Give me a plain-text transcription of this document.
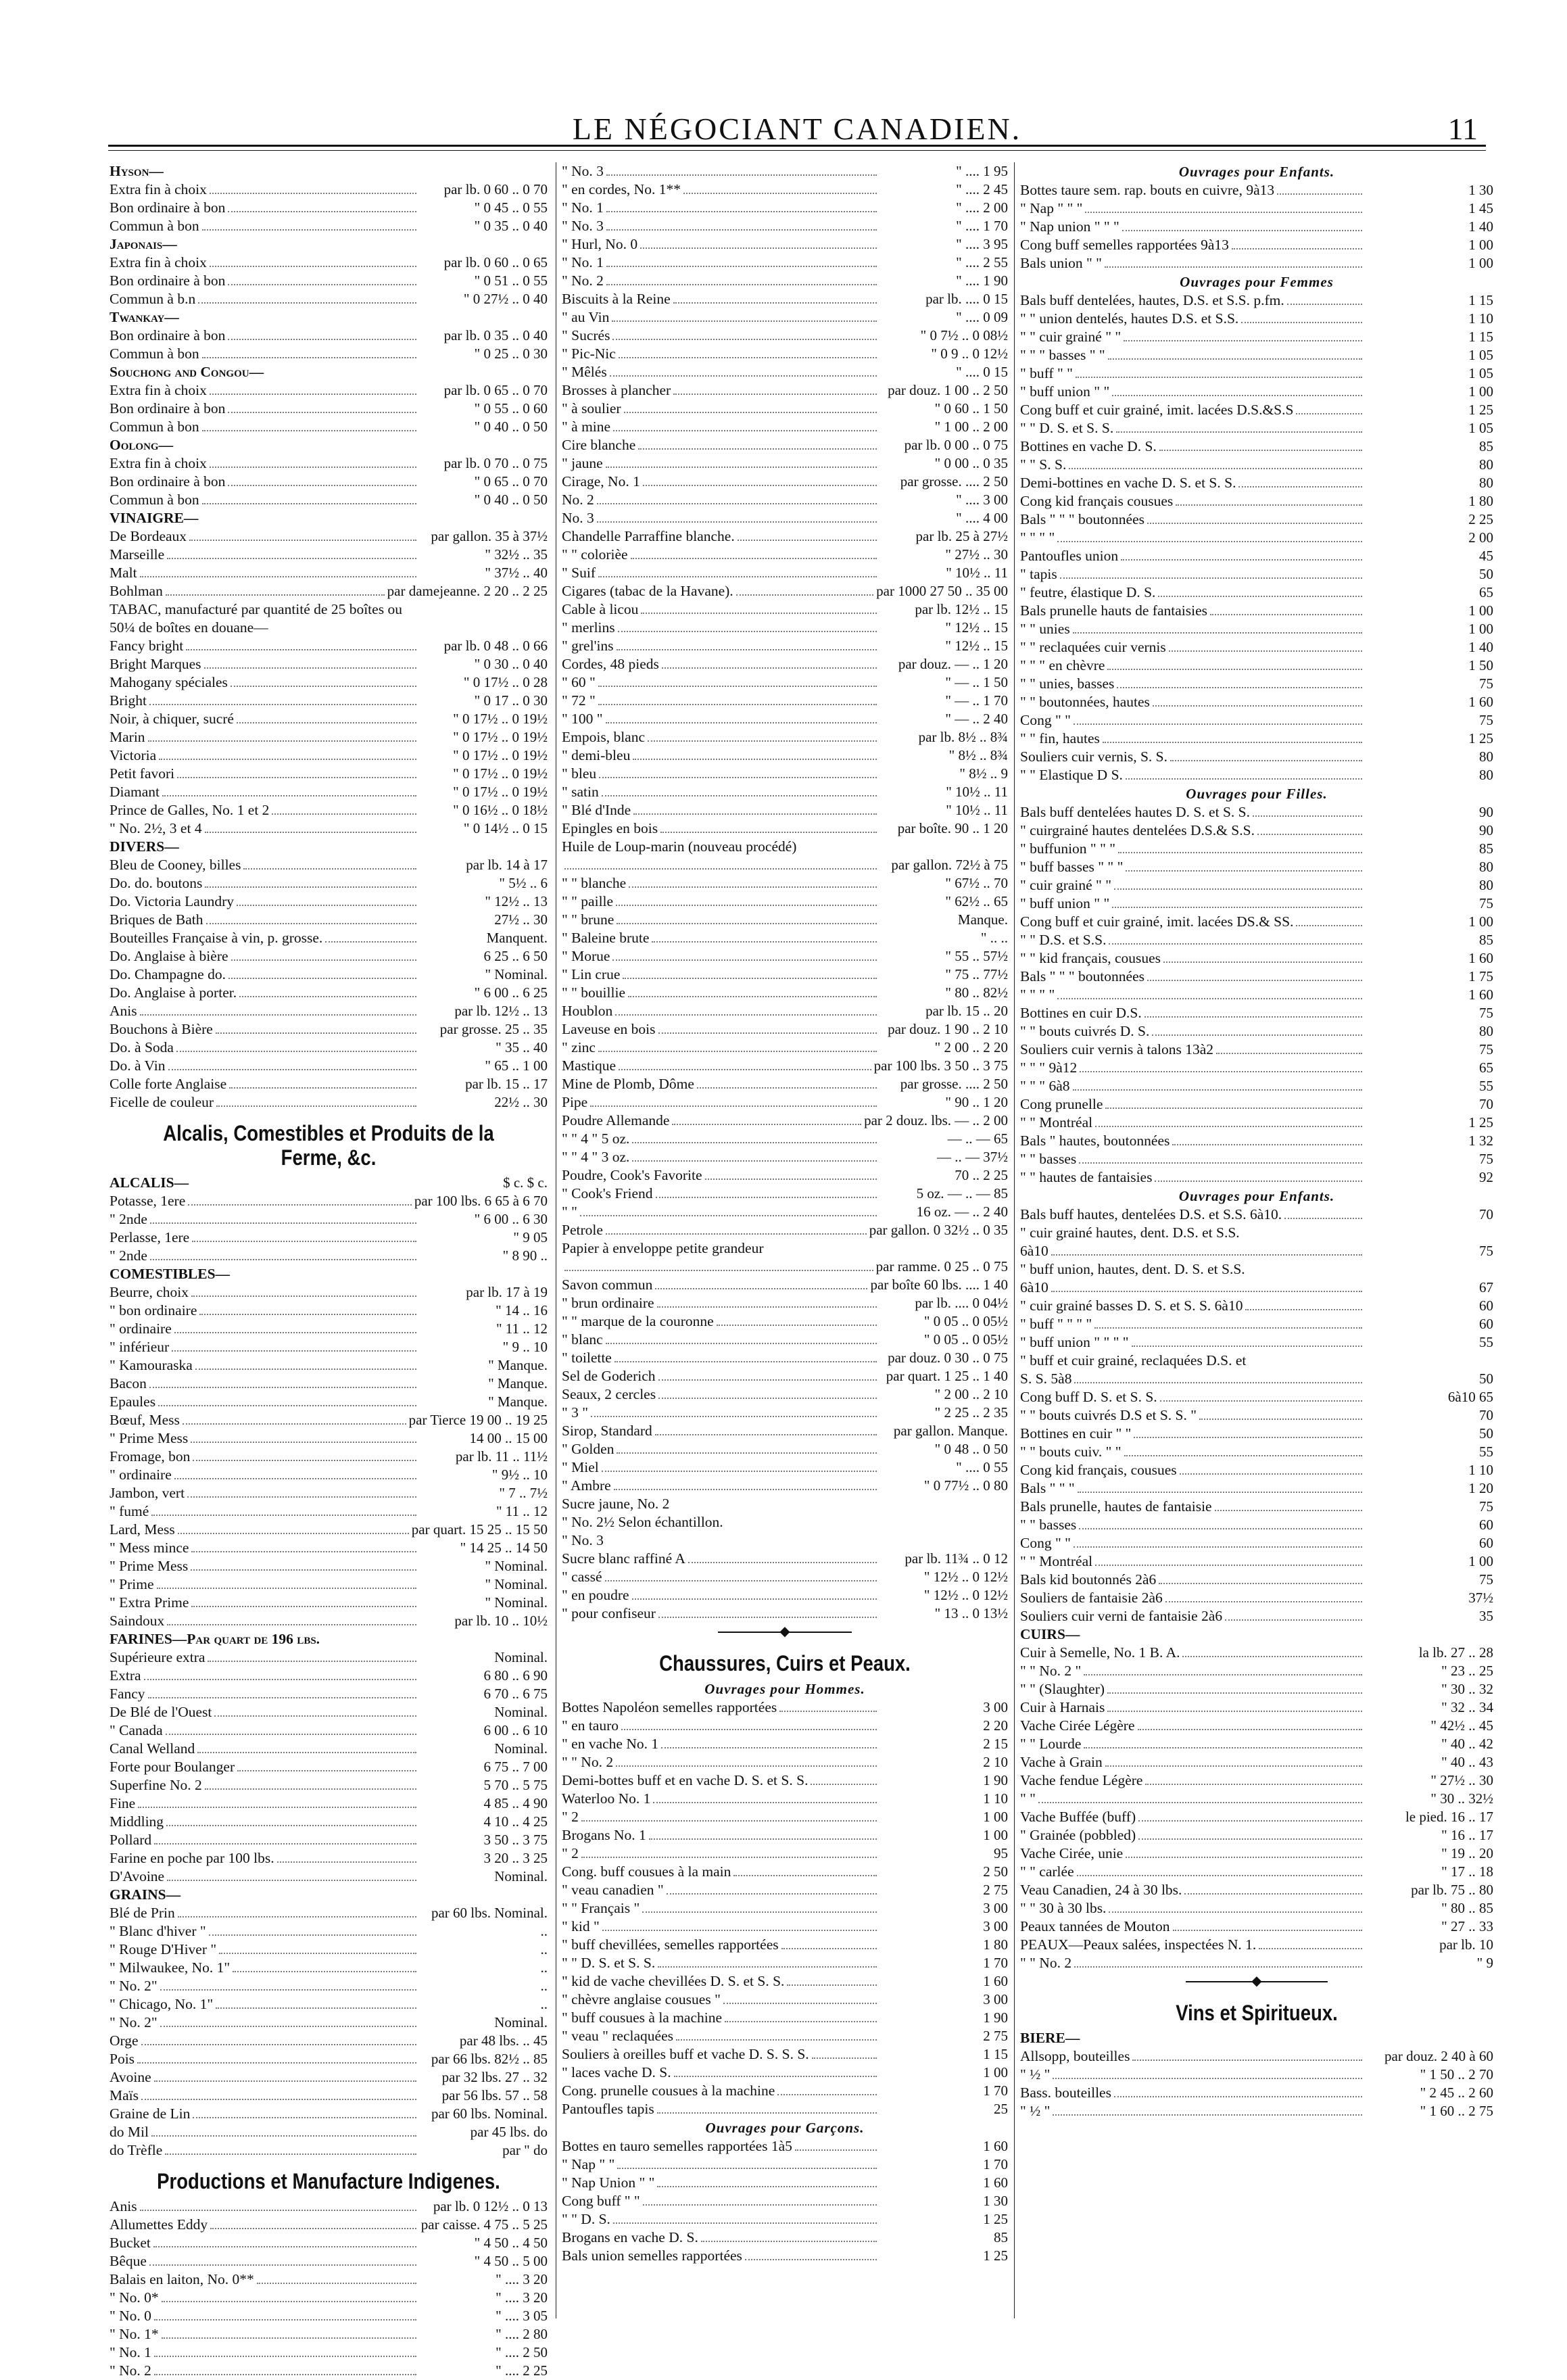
LE NÉGOCIANT CANADIEN.	11
Hyson—
Extra fin à choix	par lb. 0 60 .. 0 70
Bon ordinaire à bon	" 0 45 .. 0 55
Commun à bon	" 0 35 .. 0 40
Japonais—
Extra fin à choix	par lb. 0 60 .. 0 65
Bon ordinaire à bon	" 0 51 .. 0 55
Commun à b.n	" 0 27½ .. 0 40
Twankay—
Bon ordinaire à bon	par lb. 0 35 .. 0 40
Commun à bon	" 0 25 .. 0 30
Souchong and Congou—
Extra fin à choix	par lb. 0 65 .. 0 70
Bon ordinaire à bon	" 0 55 .. 0 60
Commun à bon	" 0 40 .. 0 50
Oolong—
Extra fin à choix	par lb. 0 70 .. 0 75
Bon ordinaire à bon	" 0 65 .. 0 70
Commun à bon	" 0 40 .. 0 50
VINAIGRE—
De Bordeaux	par gallon. 35 à 37½
Marseille	" 32½ .. 35
Malt	" 37½ .. 40
Bohlman	par damejeanne. 2 20 .. 2 25
TABAC, manufacturé par quantité de 25 boîtes ou
50¼ de boîtes en douane—
Fancy bright	par lb. 0 48 .. 0 66
Bright Marques	" 0 30 .. 0 40
Mahogany spéciales	" 0 17½ .. 0 28
Bright	" 0 17 .. 0 30
Noir, à chiquer, sucré	" 0 17½ .. 0 19½
Marin	" 0 17½ .. 0 19½
Victoria	" 0 17½ .. 0 19½
Petit favori	" 0 17½ .. 0 19½
Diamant	" 0 17½ .. 0 19½
Prince de Galles, No. 1 et 2	" 0 16½ .. 0 18½
" No. 2½, 3 et 4	" 0 14½ .. 0 15
DIVERS—
Bleu de Cooney, billes	par lb. 14 à 17
Do. do. boutons	" 5½ .. 6
Do. Victoria Laundry	" 12½ .. 13
Briques de Bath	27½ .. 30
Bouteilles Française à vin, p. grosse.	Manquent.
Do. Anglaise à bière	6 25 .. 6 50
Do. Champagne do.	" Nominal.
Do. Anglaise à porter.	" 6 00 .. 6 25
Anis	par lb. 12½ .. 13
Bouchons à Bière	par grosse. 25 .. 35
Do. à Soda	" 35 .. 40
Do. à Vin	" 65 .. 1 00
Colle forte Anglaise	par lb. 15 .. 17
Ficelle de couleur	22½ .. 30
Alcalis, Comestibles et Produits de la Ferme, &c.
ALCALIS—	$ c. $ c.
Potasse, 1ere	par 100 lbs. 6 65 à 6 70
" 2nde	" 6 00 .. 6 30
Perlasse, 1ere	" 9 05
" 2nde	" 8 90 ..
COMESTIBLES—
Beurre, choix	par lb. 17 à 19
" bon ordinaire	" 14 .. 16
" ordinaire	" 11 .. 12
" inférieur	" 9 .. 10
" Kamouraska	" Manque.
Bacon	" Manque.
Epaules	" Manque.
Bœuf, Mess	par Tierce 19 00 .. 19 25
" Prime Mess	14 00 .. 15 00
Fromage, bon	par lb. 11 .. 11½
" ordinaire	" 9½ .. 10
Jambon, vert	" 7 .. 7½
" fumé	" 11 .. 12
Lard, Mess	par quart. 15 25 .. 15 50
" Mess mince	" 14 25 .. 14 50
" Prime Mess	" Nominal.
" Prime	" Nominal.
" Extra Prime	" Nominal.
Saindoux	par lb. 10 .. 10½
FARINES—Par quart de 196 lbs.
Supérieure extra	Nominal.
Extra	6 80 .. 6 90
Fancy	6 70 .. 6 75
De Blé de l'Ouest	Nominal.
" Canada	6 00 .. 6 10
Canal Welland	Nominal.
Forte pour Boulanger	6 75 .. 7 00
Superfine No. 2	5 70 .. 5 75
Fine	4 85 .. 4 90
Middling	4 10 .. 4 25
Pollard	3 50 .. 3 75
Farine en poche par 100 lbs.	3 20 .. 3 25
D'Avoine	Nominal.
GRAINS—
Blé de Prin	par 60 lbs. Nominal.
" Blanc d'hiver "	..
" Rouge D'Hiver "	..
" Milwaukee, No. 1"	..
" No. 2"	..
" Chicago, No. 1"	..
" No. 2"	Nominal.
Orge	par 48 lbs. .. 45
Pois	par 66 lbs. 82½ .. 85
Avoine	par 32 lbs. 27 .. 32
Maïs	par 56 lbs. 57 .. 58
Graine de Lin	par 60 lbs. Nominal.
do Mil	par 45 lbs. do
do Trèfle	par " do
Productions et Manufacture Indigenes.
Anis	par lb. 0 12½ .. 0 13
Allumettes Eddy	par caisse. 4 75 .. 5 25
Bucket	" 4 50 .. 4 50
Bêque	" 4 50 .. 5 00
Balais en laiton, No. 0**	" .... 3 20
" No. 0*	" .... 3 20
" No. 0	" .... 3 05
" No. 1*	" .... 2 80
" No. 1	" .... 2 50
" No. 2	" .... 2 25
" No. 3	" .... 1 95
" en cordes, No. 1**	" .... 2 45
" No. 1	" .... 2 00
" No. 3	" .... 1 70
" Hurl, No. 0	" .... 3 95
" No. 1	" .... 2 55
" No. 2	" .... 1 90
Biscuits à la Reine	par lb. .... 0 15
" au Vin	" .... 0 09
" Sucrés	" 0 7½ .. 0 08½
" Pic-Nic	" 0 9 .. 0 12½
" Mêlés	" .... 0 15
Brosses à plancher	par douz. 1 00 .. 2 50
" à soulier	" 0 60 .. 1 50
" à mine	" 1 00 .. 2 00
Cire blanche	par lb. 0 00 .. 0 75
" jaune	" 0 00 .. 0 35
Cirage, No. 1	par grosse. .... 2 50
No. 2	" .... 3 00
No. 3	" .... 4 00
Chandelle Parraffine blanche.	par lb. 25 à 27½
" " colorièe	" 27½ .. 30
" Suif	" 10½ .. 11
Cigares (tabac de la Havane).	par 1000 27 50 .. 35 00
Cable à licou	par lb. 12½ .. 15
" merlins	" 12½ .. 15
" grel'ins	" 12½ .. 15
Cordes, 48 pieds	par douz. — .. 1 20
" 60 "	" — .. 1 50
" 72 "	" — .. 1 70
" 100 "	" — .. 2 40
Empois, blanc	par lb. 8½ .. 8¾
" demi-bleu	" 8½ .. 8¾
" bleu	" 8½ .. 9
" satin	" 10½ .. 11
" Blé d'Inde	" 10½ .. 11
Epingles en bois	par boîte. 90 .. 1 20
Huile de Loup-marin (nouveau procédé)
par gallon. 72½ à 75
" " blanche	" 67½ .. 70
" " paille	" 62½ .. 65
" " brune	Manque.
" Baleine brute	" .. ..
" Morue	" 55 .. 57½
" Lin crue	" 75 .. 77½
" " bouillie	" 80 .. 82½
Houblon	par lb. 15 .. 20
Laveuse en bois	par douz. 1 90 .. 2 10
" zinc	" 2 00 .. 2 20
Mastique	par 100 lbs. 3 50 .. 3 75
Mine de Plomb, Dôme	par grosse. .... 2 50
Pipe	" 90 .. 1 20
Poudre Allemande	par 2 douz. lbs. — .. 2 00
" " 4 " 5 oz.	— .. — 65
" " 4 " 3 oz.	— .. — 37½
Poudre, Cook's Favorite	70 .. 2 25
" Cook's Friend	5 oz. — .. — 85
" "	16 oz. — .. 2 40
Petrole	par gallon. 0 32½ .. 0 35
Papier à enveloppe petite grandeur
par ramme. 0 25 .. 0 75
Savon commun	par boîte 60 lbs. .... 1 40
" brun ordinaire	par lb. .... 0 04½
" " marque de la couronne	" 0 05 .. 0 05½
" blanc	" 0 05 .. 0 05½
" toilette	par douz. 0 30 .. 0 75
Sel de Goderich	par quart. 1 25 .. 1 40
Seaux, 2 cercles	" 2 00 .. 2 10
" 3 "	" 2 25 .. 2 35
Sirop, Standard	par gallon. Manque.
" Golden	" 0 48 .. 0 50
" Miel	" .... 0 55
" Ambre	" 0 77½ .. 0 80
Sucre jaune, No. 2
" No. 2½ Selon échantillon.
" No. 3
Sucre blanc raffiné A	par lb. 11¾ .. 0 12
" cassé	" 12½ .. 0 12½
" en poudre	" 12½ .. 0 12½
" pour confiseur	" 13 .. 0 13½
◆
Chaussures, Cuirs et Peaux.
Ouvrages pour Hommes.
Bottes Napoléon semelles rapportées	3 00
" en tauro	2 20
" en vache No. 1	2 15
" " No. 2	2 10
Demi-bottes buff et en vache D. S. et S. S.	1 90
Waterloo No. 1	1 10
" 2	1 00
Brogans No. 1	1 00
" 2	95
Cong. buff cousues à la main	2 50
" veau canadien "	2 75
" " Français "	3 00
" kid "	3 00
" buff chevillées, semelles rapportées	1 80
" " D. S. et S. S.	1 70
" kid de vache chevillées D. S. et S. S.	1 60
" chèvre anglaise cousues "	3 00
" buff cousues à la machine	1 90
" veau " reclaquées	2 75
Souliers à oreilles buff et vache D. S. S. S.	1 15
" laces vache D. S.	1 00
Cong. prunelle cousues à la machine	1 70
Pantoufles tapis	25
Ouvrages pour Garçons.
Bottes en tauro semelles rapportées 1à5	1 60
" Nap " "	1 70
" Nap Union " "	1 60
Cong buff " "	1 30
" " D. S.	1 25
Brogans en vache D. S.	85
Bals union semelles rapportées	1 25
Ouvrages pour Enfants.
Bottes taure sem. rap. bouts en cuivre, 9à13	1 30
" Nap " " "	1 45
" Nap union " " "	1 40
Cong buff semelles rapportées 9à13	1 00
Bals union " "	1 00
Ouvrages pour Femmes
Bals buff dentelées, hautes, D.S. et S.S. p.fm.	1 15
" " union dentelés, hautes D.S. et S.S.	1 10
" " cuir grainé " "	1 15
" " " basses " "	1 05
" buff " "	1 05
" buff union " "	1 00
Cong buff et cuir grainé, imit. lacées D.S.&S.S	1 25
" " D. S. et S. S.	1 05
Bottines en vache D. S.	85
" " S. S.	80
Demi-bottines en vache D. S. et S. S.	80
Cong kid français cousues	1 80
Bals " " " boutonnées	2 25
" " " "	2 00
Pantoufles union	45
" tapis	50
" feutre, élastique D. S.	65
Bals prunelle hauts de fantaisies	1 00
" " unies	1 00
" " reclaquées cuir vernis	1 40
" " " en chèvre	1 50
" " unies, basses	75
" " boutonnées, hautes	1 60
Cong " "	75
" " fin, hautes	1 25
Souliers cuir vernis, S. S.	80
" " Elastique D S.	80
Ouvrages pour Filles.
Bals buff dentelées hautes D. S. et S. S.	90
" cuirgrainé hautes dentelées D.S.& S.S.	90
" buffunion " " "	85
" buff basses " " "	80
" cuir grainé " "	80
" buff union " "	75
Cong buff et cuir grainé, imit. lacées DS.& SS.	1 00
" " D.S. et S.S.	85
" " kid français, cousues	1 60
Bals " " " boutonnées	1 75
" " " "	1 60
Bottines en cuir D.S.	75
" " bouts cuivrés D. S.	80
Souliers cuir vernis à talons 13à2	75
" " " 9à12	65
" " " 6à8	55
Cong prunelle	70
" " Montréal	1 25
Bals " hautes, boutonnées	1 32
" " basses	75
" " hautes de fantaisies	92
Ouvrages pour Enfants.
Bals buff hautes, dentelées D.S. et S.S. 6à10.	70
" cuir grainé hautes, dent. D.S. et S.S.
6à10	75
" buff union, hautes, dent. D. S. et S.S.
6à10	67
" cuir grainé basses D. S. et S. S. 6à10	60
" buff " " " "	60
" buff union " " " "	55
" buff et cuir grainé, reclaquées D.S. et
S. S. 5à8	50
Cong buff D. S. et S. S.	6à10 65
" " bouts cuivrés D.S et S. S. "	70
Bottines en cuir " "	50
" " bouts cuiv. " "	55
Cong kid français, cousues	1 10
Bals " " "	1 20
Bals prunelle, hautes de fantaisie	75
" " basses	60
Cong " "	60
" " Montréal	1 00
Bals kid boutonnés 2à6	75
Souliers de fantaisie 2à6	37½
Souliers cuir verni de fantaisie 2à6	35
CUIRS—
Cuir à Semelle, No. 1 B. A.	la lb. 27 .. 28
" " No. 2 "	" 23 .. 25
" " (Slaughter)	" 30 .. 32
Cuir à Harnais	" 32 .. 34
Vache Cirée Légère	" 42½ .. 45
" " Lourde	" 40 .. 42
Vache à Grain	" 40 .. 43
Vache fendue Légère	" 27½ .. 30
" "	" 30 .. 32½
Vache Buffée (buff)	le pied. 16 .. 17
" Grainée (pobbled)	" 16 .. 17
Vache Cirée, unie	" 19 .. 20
" " carlée	" 17 .. 18
Veau Canadien, 24 à 30 lbs.	par lb. 75 .. 80
" " 30 à 30 lbs.	" 80 .. 85
Peaux tannées de Mouton	" 27 .. 33
PEAUX—Peaux salées, inspectées N. 1.	par lb. 10
" " No. 2	" 9
◆
Vins et Spiritueux.
BIERE—
Allsopp, bouteilles	par douz. 2 40 à 60
" ½ "	" 1 50 .. 2 70
Bass. bouteilles	" 2 45 .. 2 60
" ½ "	" 1 60 .. 2 75
